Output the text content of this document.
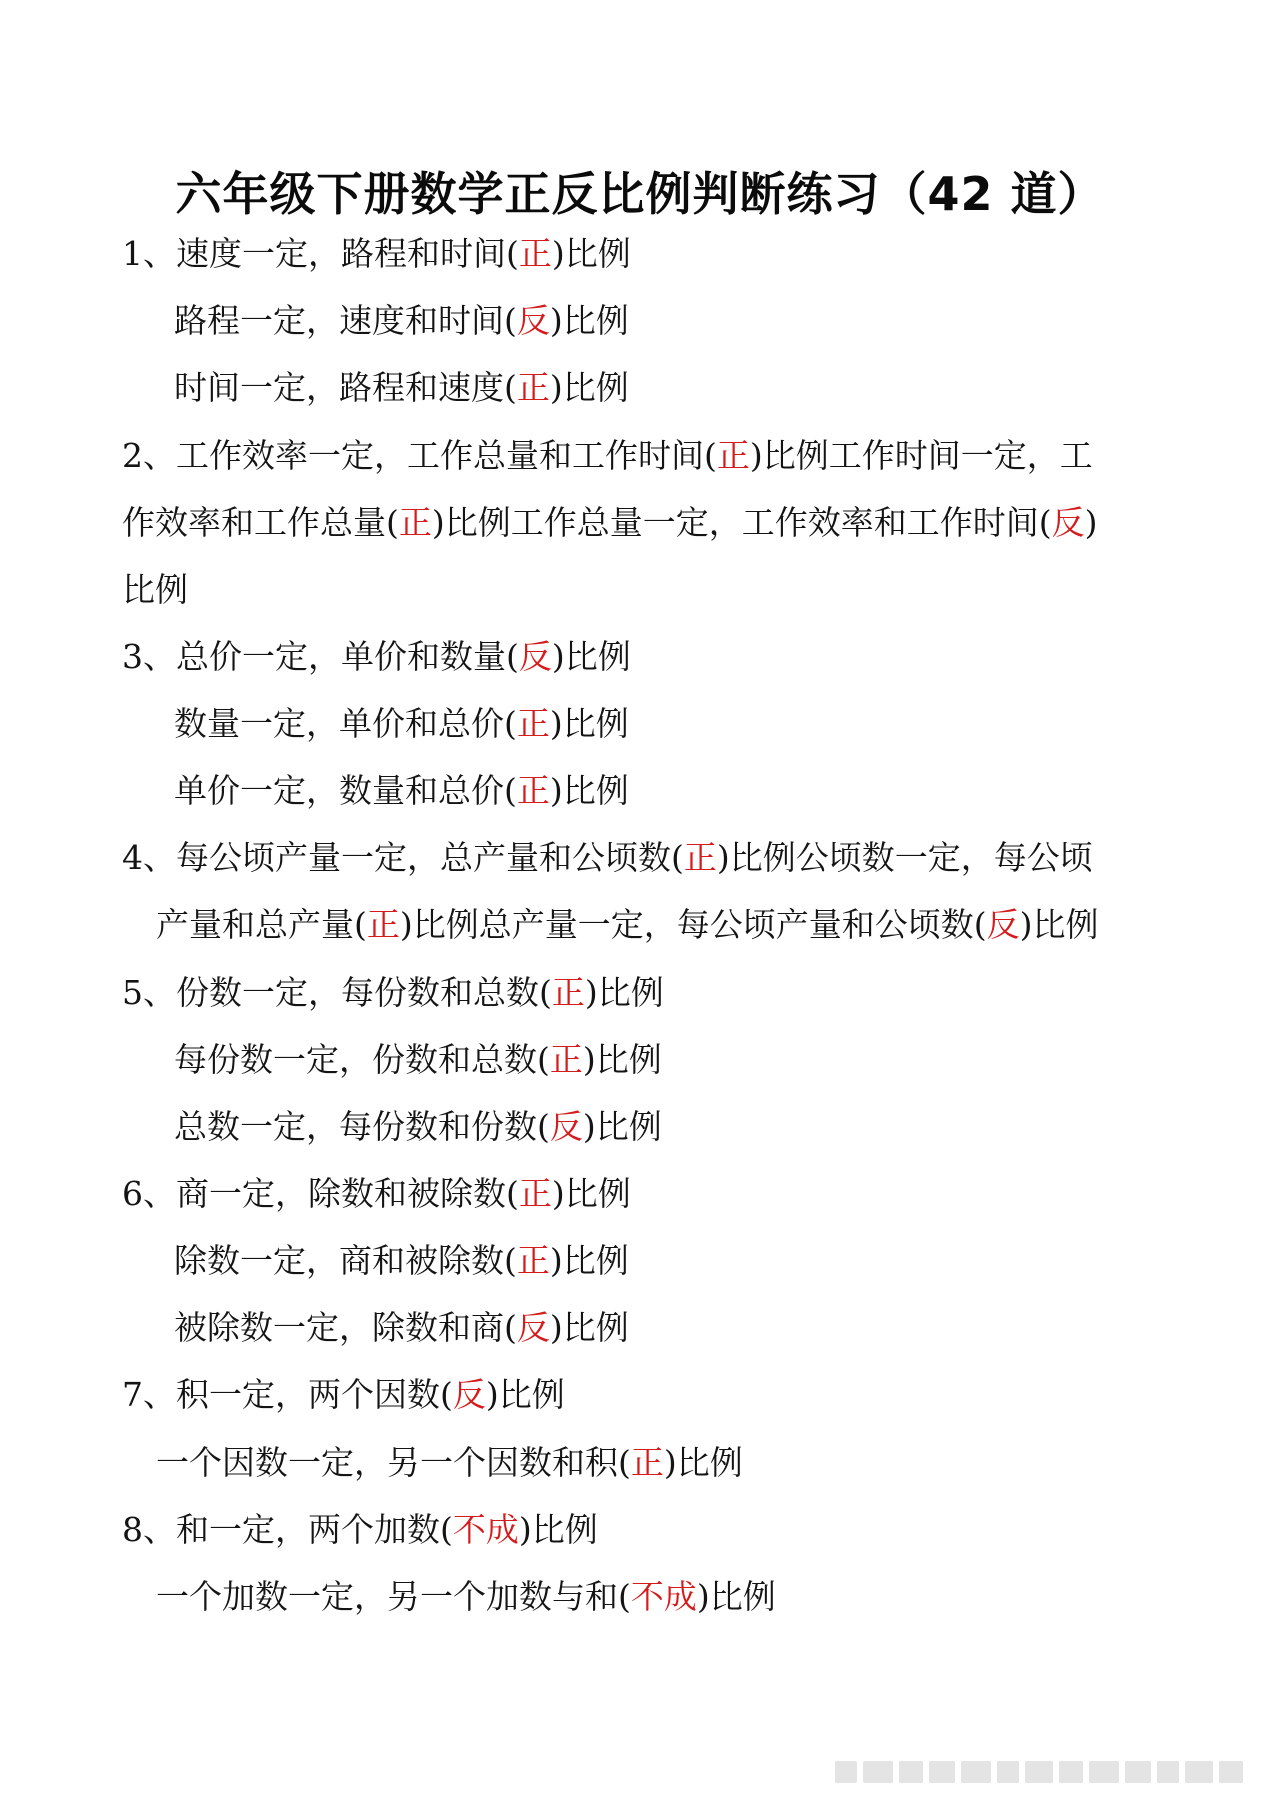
六年级下册数学正反比例判断练习（42 道）
1、速度一定，路程和时间(正)比例
路程一定，速度和时间(反)比例
时间一定，路程和速度(正)比例
2、工作效率一定，工作总量和工作时间(正)比例工作时间一定，工
作效率和工作总量(正)比例工作总量一定，工作效率和工作时间(反)
比例
3、总价一定，单价和数量(反)比例
数量一定，单价和总价(正)比例
单价一定，数量和总价(正)比例
4、每公顷产量一定，总产量和公顷数(正)比例公顷数一定，每公顷
产量和总产量(正)比例总产量一定，每公顷产量和公顷数(反)比例
5、份数一定，每份数和总数(正)比例
每份数一定，份数和总数(正)比例
总数一定，每份数和份数(反)比例
6、商一定，除数和被除数(正)比例
除数一定，商和被除数(正)比例
被除数一定，除数和商(反)比例
7、积一定，两个因数(反)比例
一个因数一定，另一个因数和积(正)比例
8、和一定，两个加数(不成)比例
一个加数一定，另一个加数与和(不成)比例
